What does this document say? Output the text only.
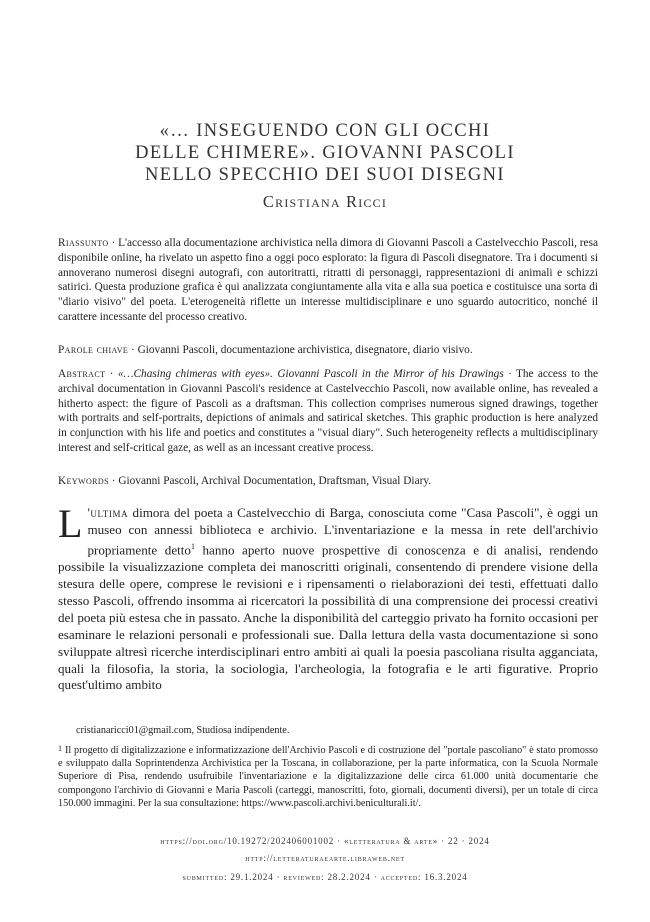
«… INSEGUENDO CON GLI OCCHI
DELLE CHIMERE». GIOVANNI PASCOLI
NELLO SPECCHIO DEI SUOI DISEGNI
Cristiana Ricci
Riassunto · L'accesso alla documentazione archivistica nella dimora di Giovanni Pascoli a Castelvecchio Pascoli, resa disponibile online, ha rivelato un aspetto fino a oggi poco esplorato: la figura di Pascoli disegnatore. Tra i documenti si annoverano numerosi disegni autografi, con autoritratti, ritratti di personaggi, rappresentazioni di animali e schizzi satirici. Questa produzione grafica è qui analizzata congiuntamente alla vita e alla sua poetica e costituisce una sorta di "diario visivo" del poeta. L'eterogeneità riflette un interesse multidisciplinare e uno sguardo autocritico, nonché il carattere incessante del processo creativo.
Parole chiave · Giovanni Pascoli, documentazione archivistica, disegnatore, diario visivo.
Abstract · «…Chasing chimeras with eyes». Giovanni Pascoli in the Mirror of his Drawings · The access to the archival documentation in Giovanni Pascoli's residence at Castelvecchio Pascoli, now available online, has revealed a hitherto aspect: the figure of Pascoli as a draftsman. This collection comprises numerous signed drawings, together with portraits and self-portraits, depictions of animals and satirical sketches. This graphic production is here analyzed in conjunction with his life and poetics and constitutes a "visual diary". Such heterogeneity reflects a multidisciplinary interest and self-critical gaze, as well as an incessant creative process.
Keywords · Giovanni Pascoli, Archival Documentation, Draftsman, Visual Diary.
L 'ultima dimora del poeta a Castelvecchio di Barga, conosciuta come "Casa Pascoli", è oggi un museo con annessi biblioteca e archivio. L'inventariazione e la messa in rete dell'archivio propriamente detto$^1$ hanno aperto nuove prospettive di conoscenza e di analisi, rendendo possibile la visualizzazione completa dei manoscritti originali, consentendo di prendere visione della stesura delle opere, comprese le revisioni e i ripensamenti o rielaborazioni dei testi, effettuati dallo stesso Pascoli, offrendo insomma ai ricercatori la possibilità di una comprensione dei processi creativi del poeta più estesa che in passato. Anche la disponibilità del carteggio privato ha fornito occasioni per esaminare le relazioni personali e professionali sue. Dalla lettura della vasta documentazione si sono sviluppate altresì ricerche interdisciplinari entro ambiti ai quali la poesia pascoliana risulta agganciata, quali la filosofia, la storia, la sociologia, l'archeologia, la fotografia e le arti figurative. Proprio quest'ultimo ambito
cristianaricci01@gmail.com, Studiosa indipendente.
1 Il progetto di digitalizzazione e informatizzazione dell'Archivio Pascoli e di costruzione del "portale pascoliano" è stato promosso e sviluppato dalla Soprintendenza Archivistica per la Toscana, in collaborazione, per la parte informatica, con la Scuola Normale Superiore di Pisa, rendendo usufruibile l'inventariazione e la digitalizzazione delle circa 61.000 unità documentarie che compongono l'archivio di Giovanni e Maria Pascoli (carteggi, manoscritti, foto, giornali, documenti diversi), per un totale di circa 150.000 immagini. Per la sua consultazione: https://www.pascoli.archivi.beniculturali.it/.
https://doi.org/10.19272/202406001002 · «letteratura & arte» · 22 · 2024
http://letteraturaearte.libraweb.net
submitted: 29.1.2024 · reviewed: 28.2.2024 · accepted: 16.3.2024
